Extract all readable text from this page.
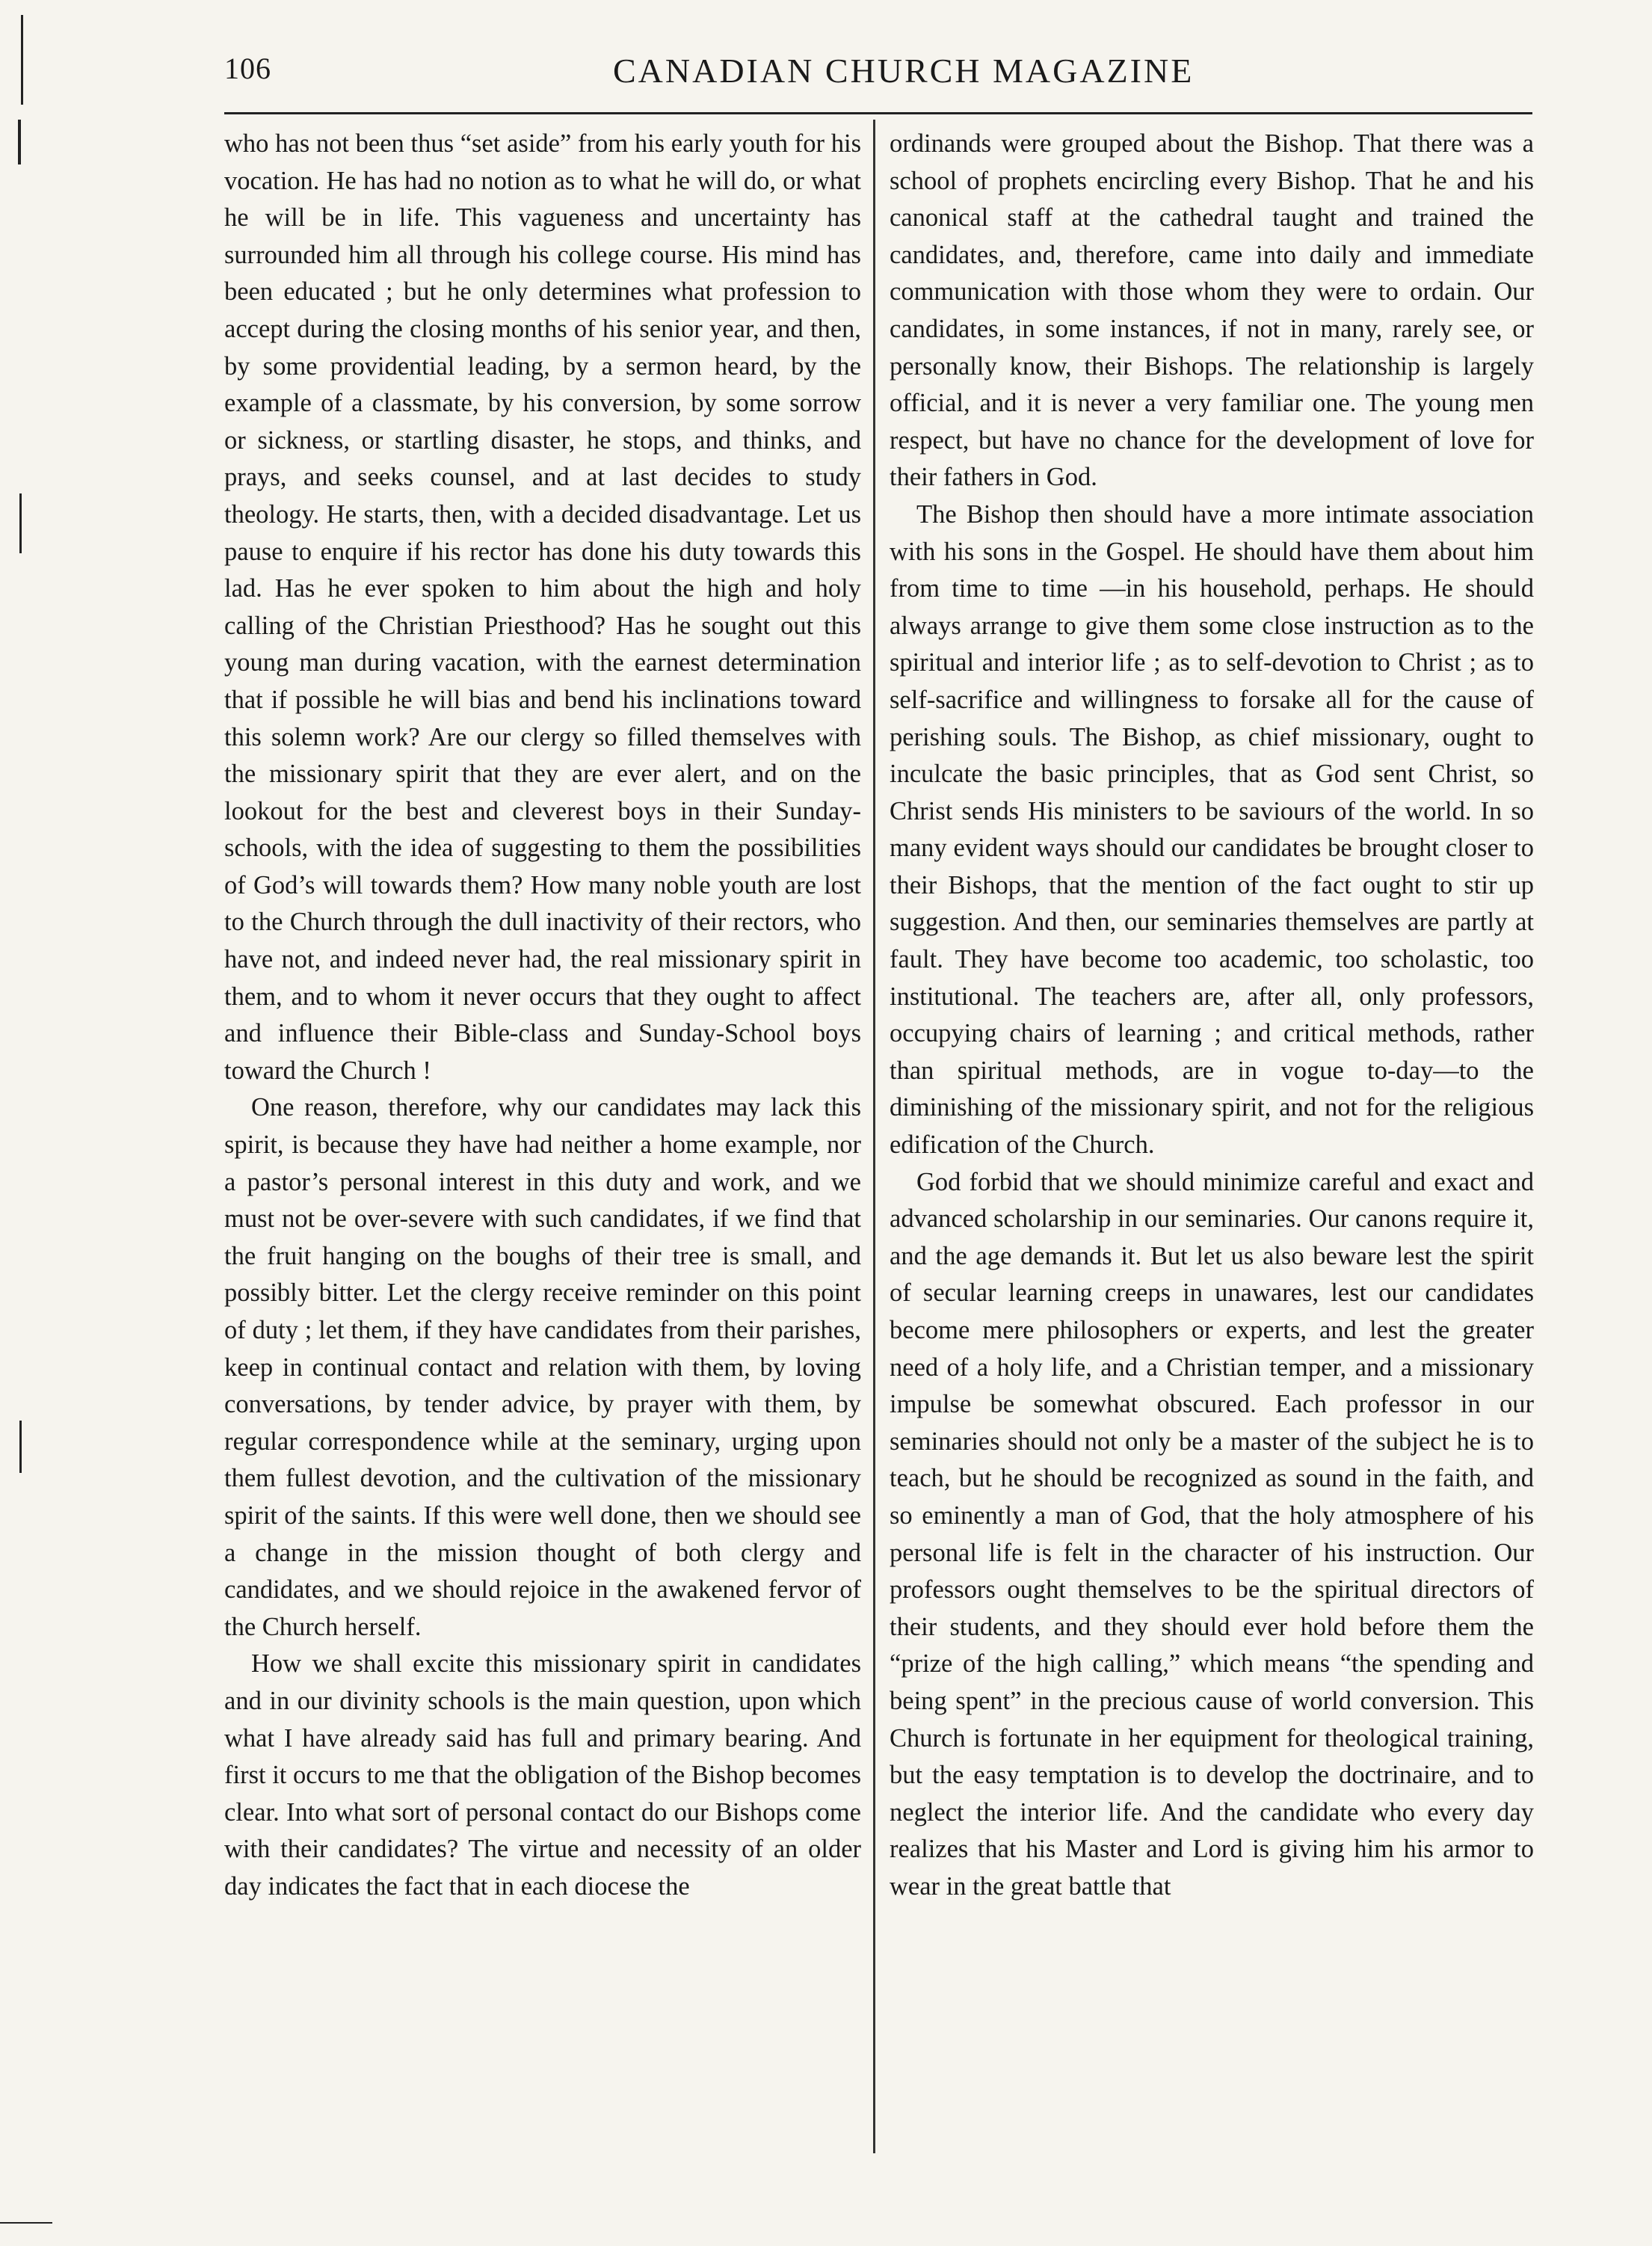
106	CANADIAN CHURCH MAGAZINE

who has not been thus “set aside” from his early youth for his vocation. He has had no notion as to what he will do, or what he will be in life. This vagueness and uncertainty has surrounded him all through his college course. His mind has been educated ; but he only determines what profession to accept during the closing months of his senior year, and then, by some providential leading, by a sermon heard, by the example of a classmate, by his conversion, by some sorrow or sickness, or startling disaster, he stops, and thinks, and prays, and seeks counsel, and at last decides to study theology. He starts, then, with a decided disadvantage. Let us pause to enquire if his rector has done his duty towards this lad. Has he ever spoken to him about the high and holy calling of the Christian Priesthood? Has he sought out this young man during vacation, with the earnest determination that if possible he will bias and bend his inclinations toward this solemn work? Are our clergy so filled themselves with the missionary spirit that they are ever alert, and on the lookout for the best and cleverest boys in their Sunday-schools, with the idea of suggesting to them the possibilities of God’s will towards them? How many noble youth are lost to the Church through the dull inactivity of their rectors, who have not, and indeed never had, the real missionary spirit in them, and to whom it never occurs that they ought to affect and influence their Bible-class and Sunday-School boys toward the Church !

One reason, therefore, why our candidates may lack this spirit, is because they have had neither a home example, nor a pastor’s personal interest in this duty and work, and we must not be over-severe with such candidates, if we find that the fruit hanging on the boughs of their tree is small, and possibly bitter. Let the clergy receive reminder on this point of duty ; let them, if they have candidates from their parishes, keep in continual contact and relation with them, by loving conversations, by tender advice, by prayer with them, by regular correspondence while at the seminary, urging upon them fullest devotion, and the cultivation of the missionary spirit of the saints. If this were well done, then we should see a change in the mission thought of both clergy and candidates, and we should rejoice in the awakened fervor of the Church herself.

How we shall excite this missionary spirit in candidates and in our divinity schools is the main question, upon which what I have already said has full and primary bearing. And first it occurs to me that the obligation of the Bishop becomes clear. Into what sort of personal contact do our Bishops come with their candidates? The virtue and necessity of an older day indicates the fact that in each diocese the

ordinands were grouped about the Bishop. That there was a school of prophets encircling every Bishop. That he and his canonical staff at the cathedral taught and trained the candidates, and, therefore, came into daily and immediate communication with those whom they were to ordain. Our candidates, in some instances, if not in many, rarely see, or personally know, their Bishops. The relationship is largely official, and it is never a very familiar one. The young men respect, but have no chance for the development of love for their fathers in God.

The Bishop then should have a more intimate association with his sons in the Gospel. He should have them about him from time to time —in his household, perhaps. He should always arrange to give them some close instruction as to the spiritual and interior life ; as to self-devotion to Christ ; as to self-sacrifice and willingness to forsake all for the cause of perishing souls. The Bishop, as chief missionary, ought to inculcate the basic principles, that as God sent Christ, so Christ sends His ministers to be saviours of the world. In so many evident ways should our candidates be brought closer to their Bishops, that the mention of the fact ought to stir up suggestion. And then, our seminaries themselves are partly at fault. They have become too academic, too scholastic, too institutional. The teachers are, after all, only professors, occupying chairs of learning ; and critical methods, rather than spiritual methods, are in vogue to-day—to the diminishing of the missionary spirit, and not for the religious edification of the Church.

God forbid that we should minimize careful and exact and advanced scholarship in our seminaries. Our canons require it, and the age demands it. But let us also beware lest the spirit of secular learning creeps in unawares, lest our candidates become mere philosophers or experts, and lest the greater need of a holy life, and a Christian temper, and a missionary impulse be somewhat obscured. Each professor in our seminaries should not only be a master of the subject he is to teach, but he should be recognized as sound in the faith, and so eminently a man of God, that the holy atmosphere of his personal life is felt in the character of his instruction. Our professors ought themselves to be the spiritual directors of their students, and they should ever hold before them the “prize of the high calling,” which means “the spending and being spent” in the precious cause of world conversion. This Church is fortunate in her equipment for theological training, but the easy temptation is to develop the doctrinaire, and to neglect the interior life. And the candidate who every day realizes that his Master and Lord is giving him his armor to wear in the great battle that
